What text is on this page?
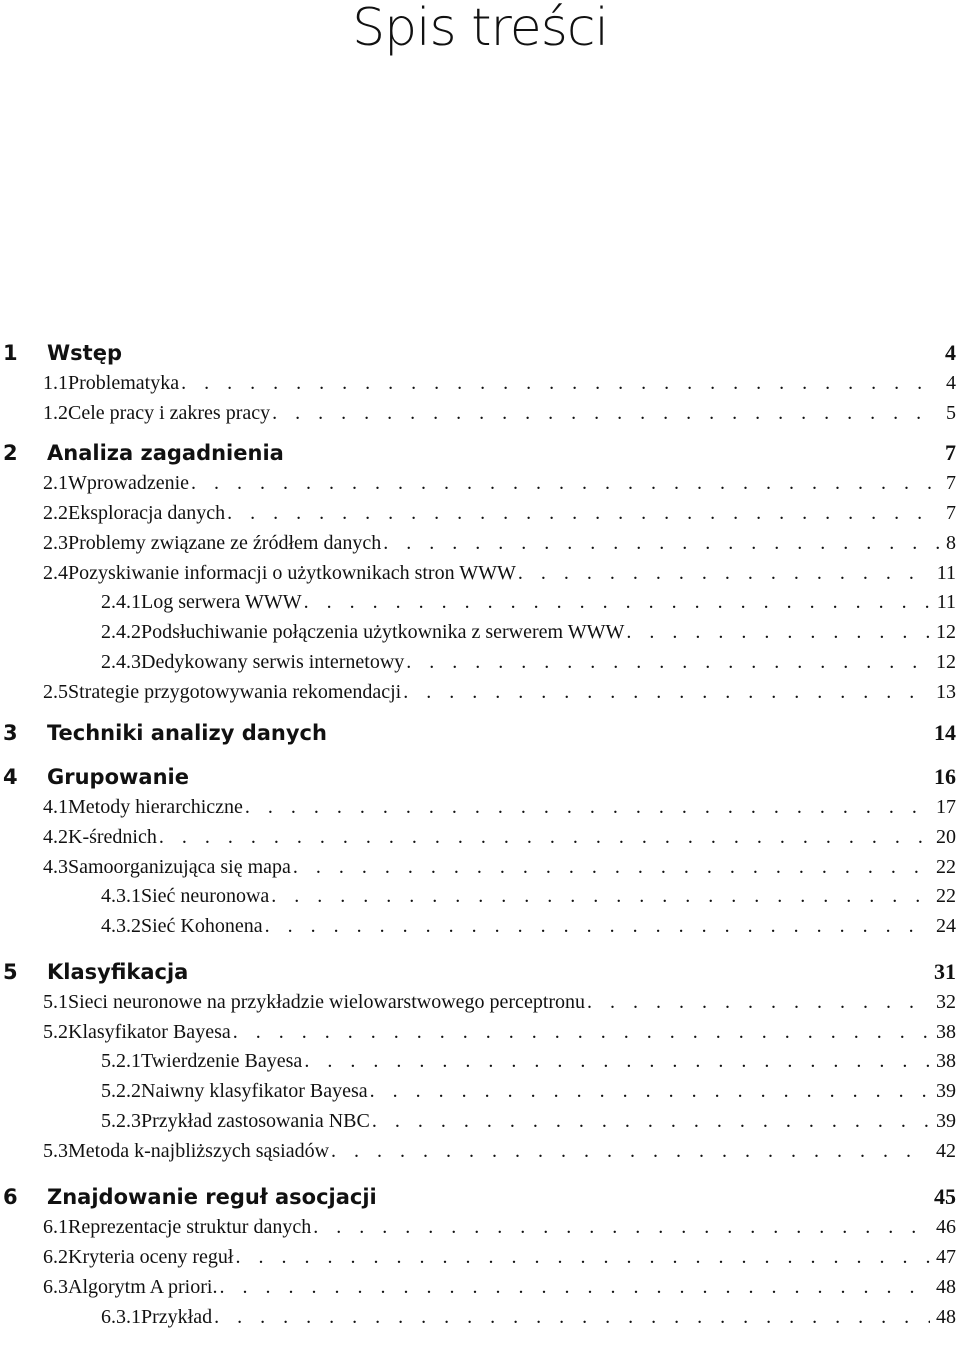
Spis treści
1	Wstęp	4
1.1 Problematyka . . .	4
1.2 Cele pracy i zakres pracy . . .	5
2	Analiza zagadnienia	7
2.1 Wprowadzenie . . .	7
2.2 Eksploracja danych . . .	7
2.3 Problemy związane ze źródłem danych . . .	8
2.4 Pozyskiwanie informacji o użytkownikach stron WWW . . .	11
2.4.1 Log serwera WWW . . .	11
2.4.2 Podsłuchiwanie połączenia użytkownika z serwerem WWW . . .	12
2.4.3 Dedykowany serwis internetowy . . .	12
2.5 Strategie przygotowywania rekomendacji . . .	13
3	Techniki analizy danych	14
4	Grupowanie	16
4.1 Metody hierarchiczne . . .	17
4.2 K-średnich . . .	20
4.3 Samoorganizująca się mapa . . .	22
4.3.1 Sieć neuronowa . . .	22
4.3.2 Sieć Kohonena . . .	24
5	Klasyfikacja	31
5.1 Sieci neuronowe na przykładzie wielowarstwowego perceptronu . . .	32
5.2 Klasyfikator Bayesa . . .	38
5.2.1 Twierdzenie Bayesa . . .	38
5.2.2 Naiwny klasyfikator Bayesa . . .	39
5.2.3 Przykład zastosowania NBC . . .	39
5.3 Metoda k-najbliższych sąsiadów . . .	42
6	Znajdowanie reguł asocjacji	45
6.1 Reprezentacje struktur danych . . .	46
6.2 Kryteria oceny reguł . . .	47
6.3 Algorytm A priori. . . .	48
6.3.1 Przykład . . .	48
